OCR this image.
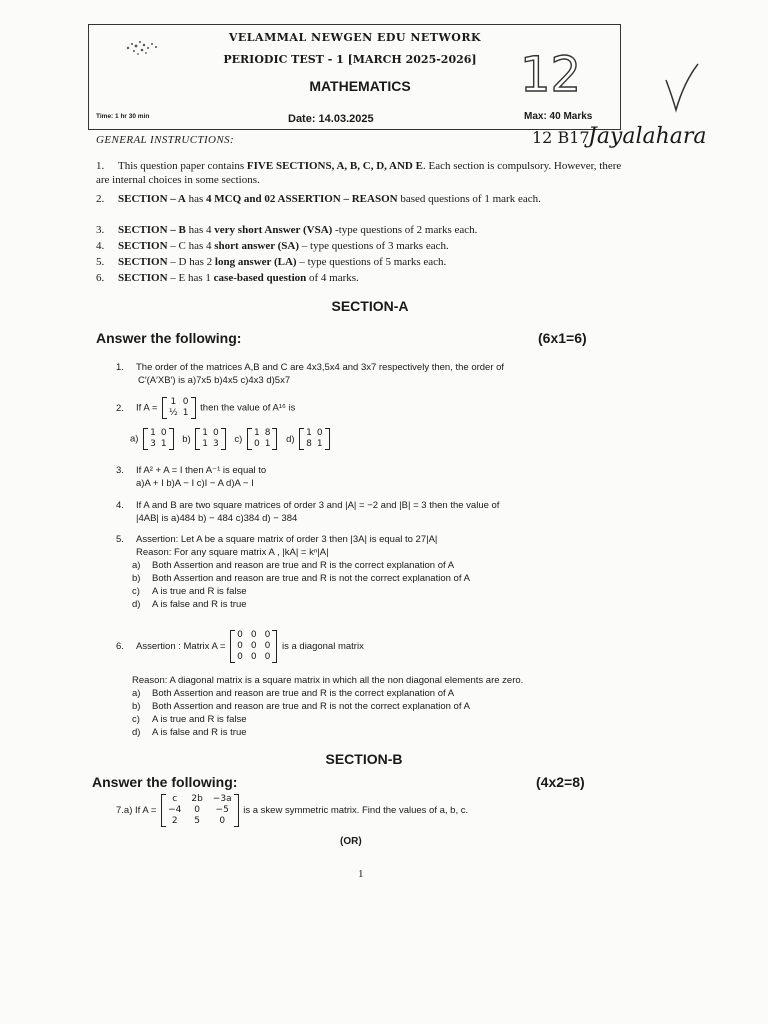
VELAMMAL NEWGEN EDU NETWORK
PERIODIC TEST - 1 [MARCH 2025-2026]
MATHEMATICS
Time: 1 hr 30 min	Date: 14.03.2025	Max: 40 Marks
12
12 B17
Jayalahara
GENERAL INSTRUCTIONS:
1. This question paper contains FIVE SECTIONS, A, B, C, D, AND E. Each section is compulsory. However, there are internal choices in some sections.
2. SECTION – A has 4 MCQ and 02 ASSERTION – REASON based questions of 1 mark each.
3. SECTION – B has 4 very short Answer (VSA) -type questions of 2 marks each.
4. SECTION – C has 4 short answer (SA) – type questions of 3 marks each.
5. SECTION – D has 2 long answer (LA) – type questions of 5 marks each.
6. SECTION – E has 1 case-based question of 4 marks.
SECTION-A
Answer the following:	(6x1=6)
1. The order of the matrices A,B and C are 4x3,5x4 and 3x7 respectively then, the order of
C′(A′XB′) is a)7x5 b)4x5 c)4x3 d)5x7
2. If A =
1 0
½ 1 then the value of A¹⁶ is
a)
1 0
3 1 b)
1 0
1 3 c)
1 8
0 1 d)
1 0
8 1
3. If A² + A = I then A⁻¹ is equal to
a)A + I b)A − I c)I − A d)A − I
4. If A and B are two square matrices of order 3 and |A| = −2 and |B| = 3 then the value of
|4AB| is a)484 b) − 484 c)384 d) − 384
5. Assertion: Let A be a square matrix of order 3 then |3A| is equal to 27|A|
Reason: For any square matrix A , |kA| = kⁿ|A|
a) Both Assertion and reason are true and R is the correct explanation of A
b) Both Assertion and reason are true and R is not the correct explanation of A
c) A is true and R is false
d) A is false and R is true
6. Assertion : Matrix A =
0 0 0
0 0 0
0 0 0
is a diagonal matrix
Reason: A diagonal matrix is a square matrix in which all the non diagonal elements are zero.
a) Both Assertion and reason are true and R is the correct explanation of A
b) Both Assertion and reason are true and R is not the correct explanation of A
c) A is true and R is false
d) A is false and R is true
SECTION-B
Answer the following:	(4x2=8)
7.a) If A =
c	2b −3a
−4	0	−5
2	5	0
is a skew symmetric matrix. Find the values of a, b, c.
(OR)
1
